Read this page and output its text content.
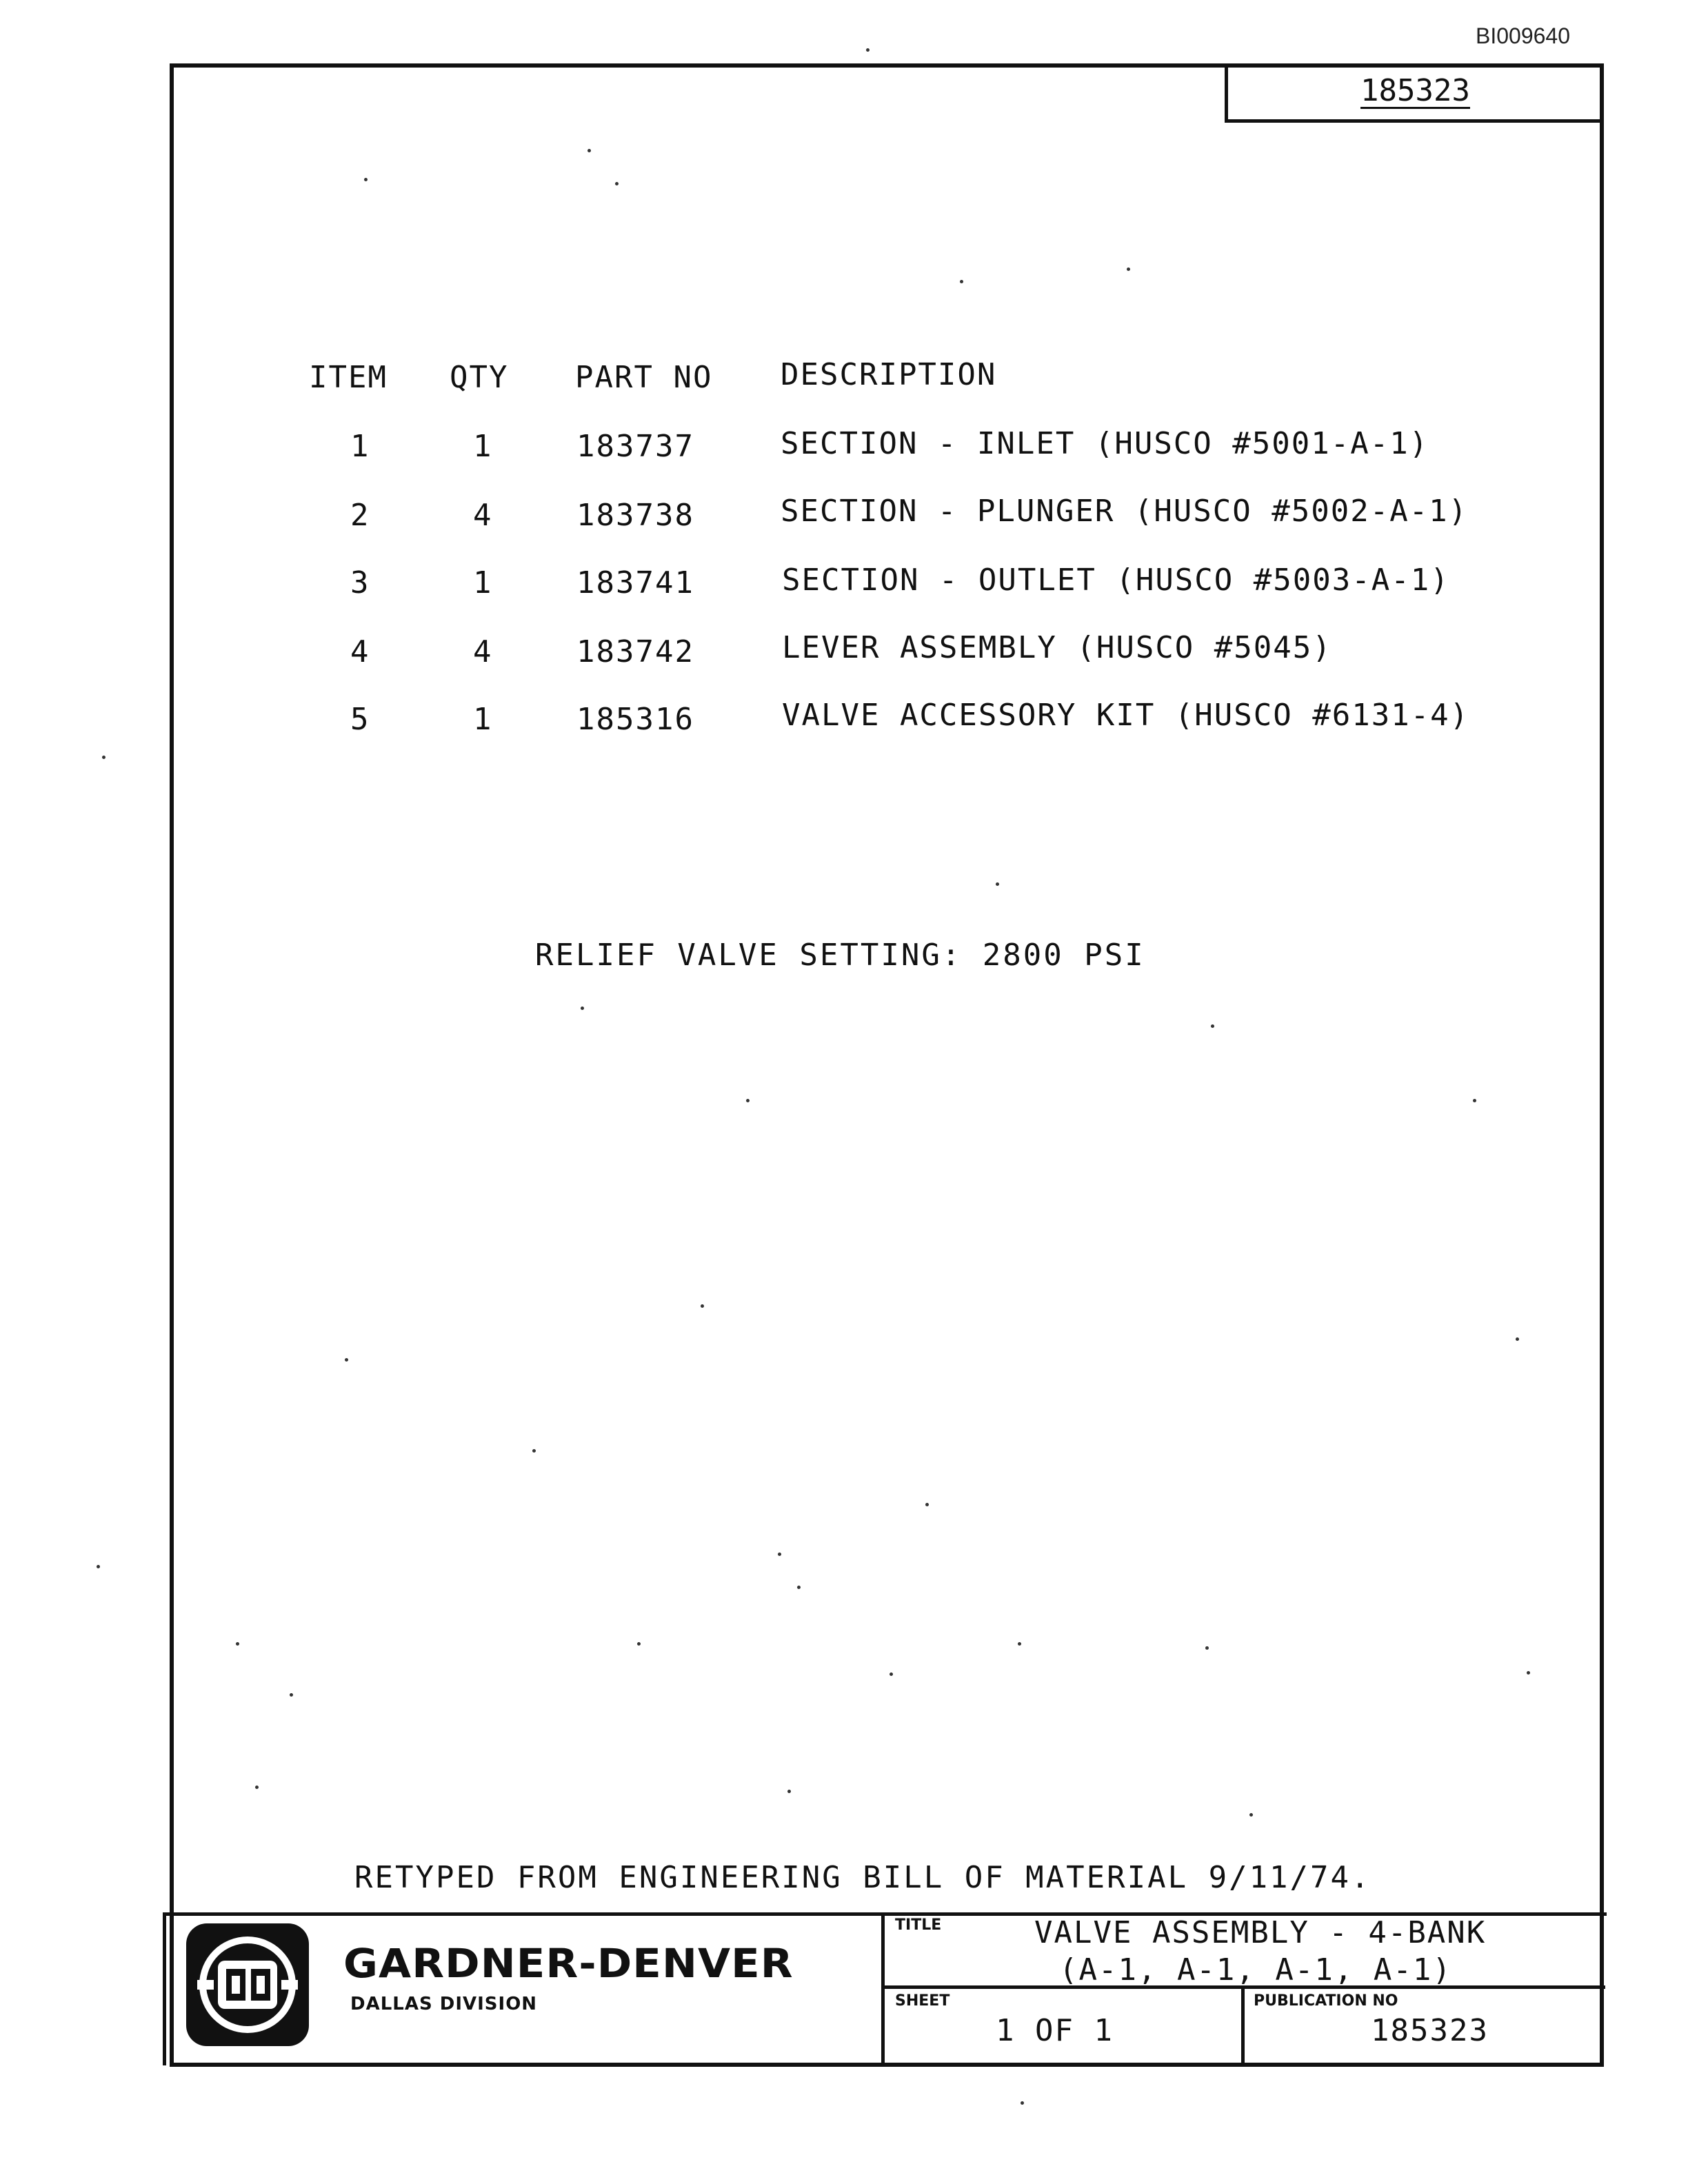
BI009640
185323
ITEM QTY PART NO DESCRIPTION
1	1	183737	SECTION - INLET (HUSCO #5001-A-1)
2	4	183738	SECTION - PLUNGER (HUSCO #5002-A-1)
3	1	183741	SECTION - OUTLET (HUSCO #5003-A-1)
4	4	183742	LEVER ASSEMBLY (HUSCO #5045)
5	1	185316	VALVE ACCESSORY KIT (HUSCO #6131-4)
RELIEF VALVE SETTING: 2800 PSI
RETYPED FROM ENGINEERING BILL OF MATERIAL 9/11/74.
GARDNER-DENVER
DALLAS DIVISION
TITLE	VALVE ASSEMBLY - 4-BANK
(A-1, A-1, A-1, A-1)
SHEET
1 OF 1
PUBLICATION NO
185323
